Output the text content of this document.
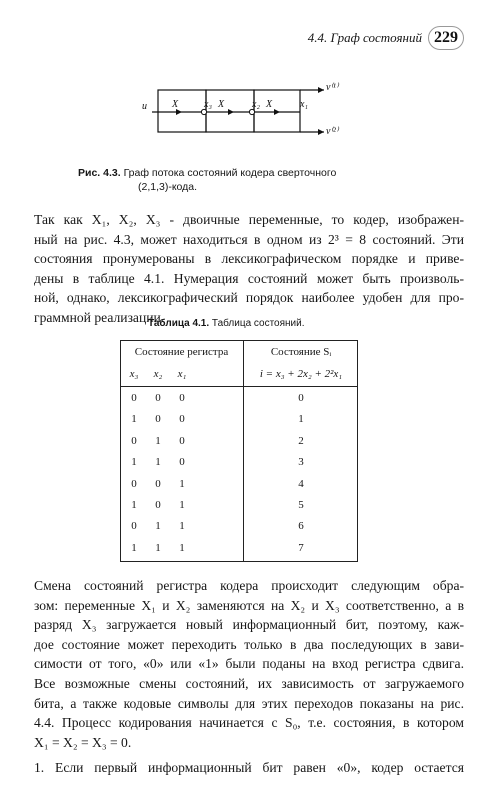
4.4. Граф состояний 229
u	X	x₃ X	x₂ X	x₁
v⁽¹⁾
v⁽²⁾
Рис. 4.3. Граф потока состояний кодера сверточного
(2,1,3)-кода.
Так как X₁, X₂, X₃ - двоичные переменные, то кодер, изображен-
ный на рис. 4.3, может находиться в одном из 2³ = 8 состояний. Эти
состояния пронумерованы в лексикографическом порядке и приве-
дены в таблице 4.1. Нумерация состояний может быть произволь-
ной, однако, лексикографический порядок наиболее удобен для про-
граммной реализации.
Таблица 4.1. Таблица состояний.
Состояние регистра	Состояние Sᵢ
x₃	x₂	x₁	i = x₃ + 2x₂ + 2²x₁
0	0	0	0
1	0	0	1
0	1	0	2
1	1	0	3
0	0	1	4
1	0	1	5
0	1	1	6
1	1	1	7
Смена состояний регистра кодера происходит следующим обра-
зом: переменные X₁ и X₂ заменяются на X₂ и X₃ соответственно, а в
разряд X₃ загружается новый информационный бит, поэтому, каж-
дое состояние может переходить только в два последующих в зави-
симости от того, «0» или «1» были поданы на вход регистра сдвига.
Все возможные смены состояний, их зависимость от загружаемого
бита, а также кодовые символы для этих переходов показаны на рис.
4.4. Процесс кодирования начинается с S₀, т.е. состояния, в котором
X₁ = X₂ = X₃ = 0.
1. Если первый информационный бит равен «0», кодер остается
